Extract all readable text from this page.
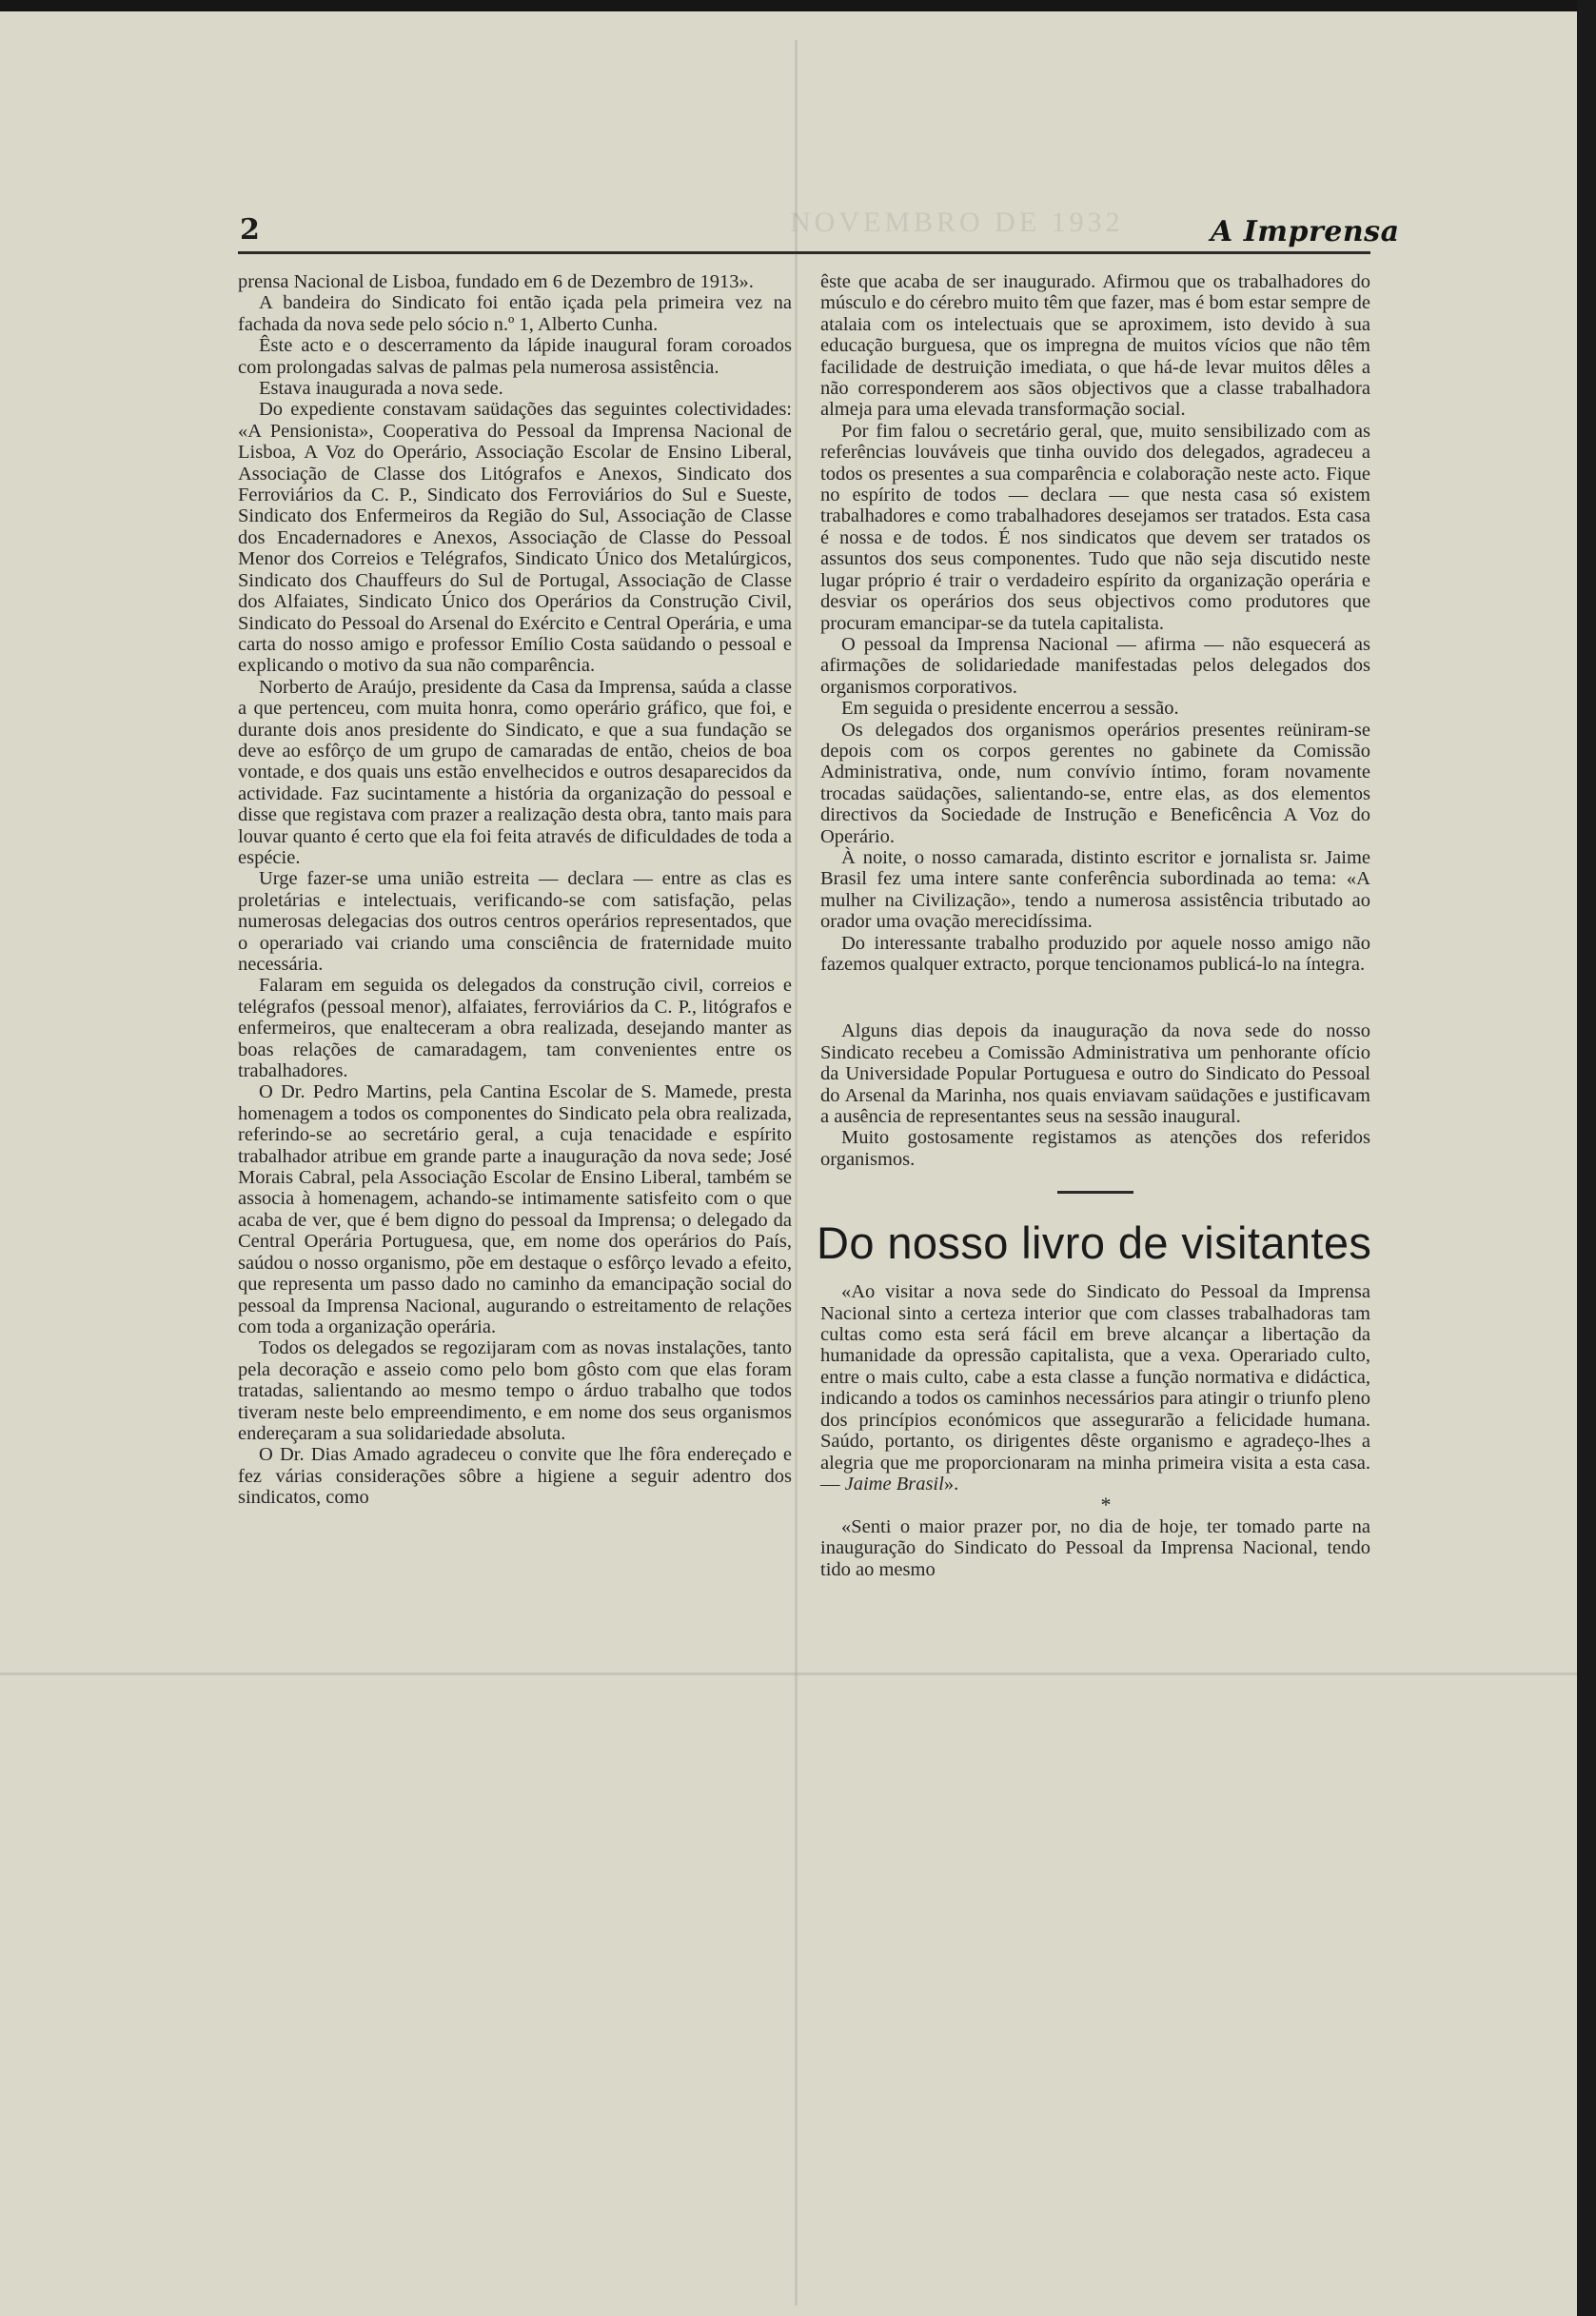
NOVEMBRO DE 1932
2	A Imprensa

prensa Nacional de Lisboa, fundado em 6 de Dezembro de 1913».

A bandeira do Sindicato foi então içada pela primeira vez na fachada da nova sede pelo sócio n.º 1, Alberto Cunha.

Êste acto e o descerramento da lápide inaugural foram coroados com prolongadas salvas de palmas pela numerosa assistência.

Estava inaugurada a nova sede.

Do expediente constavam saüdações das seguintes colectividades: «A Pensionista», Cooperativa do Pessoal da Imprensa Nacional de Lisboa, A Voz do Operário, Associação Escolar de Ensino Liberal, Associação de Classe dos Litógrafos e Anexos, Sindicato dos Ferroviários da C. P., Sindicato dos Ferroviários do Sul e Sueste, Sindicato dos Enfermeiros da Região do Sul, Associação de Classe dos Encadernadores e Anexos, Associação de Classe do Pessoal Menor dos Correios e Telégrafos, Sindicato Único dos Metalúrgicos, Sindicato dos Chauffeurs do Sul de Portugal, Associação de Classe dos Alfaiates, Sindicato Único dos Operários da Construção Civil, Sindicato do Pessoal do Arsenal do Exército e Central Operária, e uma carta do nosso amigo e professor Emílio Costa saüdando o pessoal e explicando o motivo da sua não comparência.

Norberto de Araújo, presidente da Casa da Imprensa, saúda a classe a que pertenceu, com muita honra, como operário gráfico, que foi, e durante dois anos presidente do Sindicato, e que a sua fundação se deve ao esfôrço de um grupo de camaradas de então, cheios de boa vontade, e dos quais uns estão envelhecidos e outros desaparecidos da actividade. Faz sucintamente a história da organização do pessoal e disse que registava com prazer a realização desta obra, tanto mais para louvar quanto é certo que ela foi feita através de dificuldades de toda a espécie.

Urge fazer-se uma união estreita — declara — entre as clas es proletárias e intelectuais, verificando-se com satisfação, pelas numerosas delegacias dos outros centros operários representados, que o operariado vai criando uma consciência de fraternidade muito necessária.

Falaram em seguida os delegados da construção civil, correios e telégrafos (pessoal menor), alfaiates, ferroviários da C. P., litógrafos e enfermeiros, que enalteceram a obra realizada, desejando manter as boas relações de camaradagem, tam convenientes entre os trabalhadores.

O Dr. Pedro Martins, pela Cantina Escolar de S. Mamede, presta homenagem a todos os componentes do Sindicato pela obra realizada, referindo-se ao secretário geral, a cuja tenacidade e espírito trabalhador atribue em grande parte a inauguração da nova sede; José Morais Cabral, pela Associação Escolar de Ensino Liberal, também se associa à homenagem, achando-se intimamente satisfeito com o que acaba de ver, que é bem digno do pessoal da Imprensa; o delegado da Central Operária Portuguesa, que, em nome dos operários do País, saúdou o nosso organismo, põe em destaque o esfôrço levado a efeito, que representa um passo dado no caminho da emancipação social do pessoal da Imprensa Nacional, augurando o estreitamento de relações com toda a organização operária.

Todos os delegados se regozijaram com as novas instalações, tanto pela decoração e asseio como pelo bom gôsto com que elas foram tratadas, salientando ao mesmo tempo o árduo trabalho que todos tiveram neste belo empreendimento, e em nome dos seus organismos endereçaram a sua solidariedade absoluta.

O Dr. Dias Amado agradeceu o convite que lhe fôra endereçado e fez várias considerações sôbre a higiene a seguir adentro dos sindicatos, como

êste que acaba de ser inaugurado. Afirmou que os trabalhadores do músculo e do cérebro muito têm que fazer, mas é bom estar sempre de atalaia com os intelectuais que se aproximem, isto devido à sua educação burguesa, que os impregna de muitos vícios que não têm facilidade de destruição imediata, o que há-de levar muitos dêles a não corresponderem aos sãos objectivos que a classe trabalhadora almeja para uma elevada transformação social.

Por fim falou o secretário geral, que, muito sensibilizado com as referências louváveis que tinha ouvido dos delegados, agradeceu a todos os presentes a sua comparência e colaboração neste acto. Fique no espírito de todos — declara — que nesta casa só existem trabalhadores e como trabalhadores desejamos ser tratados. Esta casa é nossa e de todos. É nos sindicatos que devem ser tratados os assuntos dos seus componentes. Tudo que não seja discutido neste lugar próprio é trair o verdadeiro espírito da organização operária e desviar os operários dos seus objectivos como produtores que procuram emancipar-se da tutela capitalista.

O pessoal da Imprensa Nacional — afirma — não esquecerá as afirmações de solidariedade manifestadas pelos delegados dos organismos corporativos.

Em seguida o presidente encerrou a sessão.

Os delegados dos organismos operários presentes reüniram-se depois com os corpos gerentes no gabinete da Comissão Administrativa, onde, num convívio íntimo, foram novamente trocadas saüdações, salientando-se, entre elas, as dos elementos directivos da Sociedade de Instrução e Beneficência A Voz do Operário.

À noite, o nosso camarada, distinto escritor e jornalista sr. Jaime Brasil fez uma intere sante conferência subordinada ao tema: «A mulher na Civilização», tendo a numerosa assistência tributado ao orador uma ovação merecidíssima.

Do interessante trabalho produzido por aquele nosso amigo não fazemos qualquer extracto, porque tencionamos publicá-lo na íntegra.

Alguns dias depois da inauguração da nova sede do nosso Sindicato recebeu a Comissão Administrativa um penhorante ofício da Universidade Popular Portuguesa e outro do Sindicato do Pessoal do Arsenal da Marinha, nos quais enviavam saüdações e justificavam a ausência de representantes seus na sessão inaugural.

Muito gostosamente registamos as atenções dos referidos organismos.

Do nosso livro de visitantes

«Ao visitar a nova sede do Sindicato do Pessoal da Imprensa Nacional sinto a certeza interior que com classes trabalhadoras tam cultas como esta será fácil em breve alcançar a libertação da humanidade da opressão capitalista, que a vexa. Operariado culto, entre o mais culto, cabe a esta classe a função normativa e didáctica, indicando a todos os caminhos necessários para atingir o triunfo pleno dos princípios económicos que assegurarão a felicidade humana. Saúdo, portanto, os dirigentes dêste organismo e agradeço-lhes a alegria que me proporcionaram na minha primeira visita a esta casa. — Jaime Brasil».

*

«Senti o maior prazer por, no dia de hoje, ter tomado parte na inauguração do Sindicato do Pessoal da Imprensa Nacional, tendo tido ao mesmo
